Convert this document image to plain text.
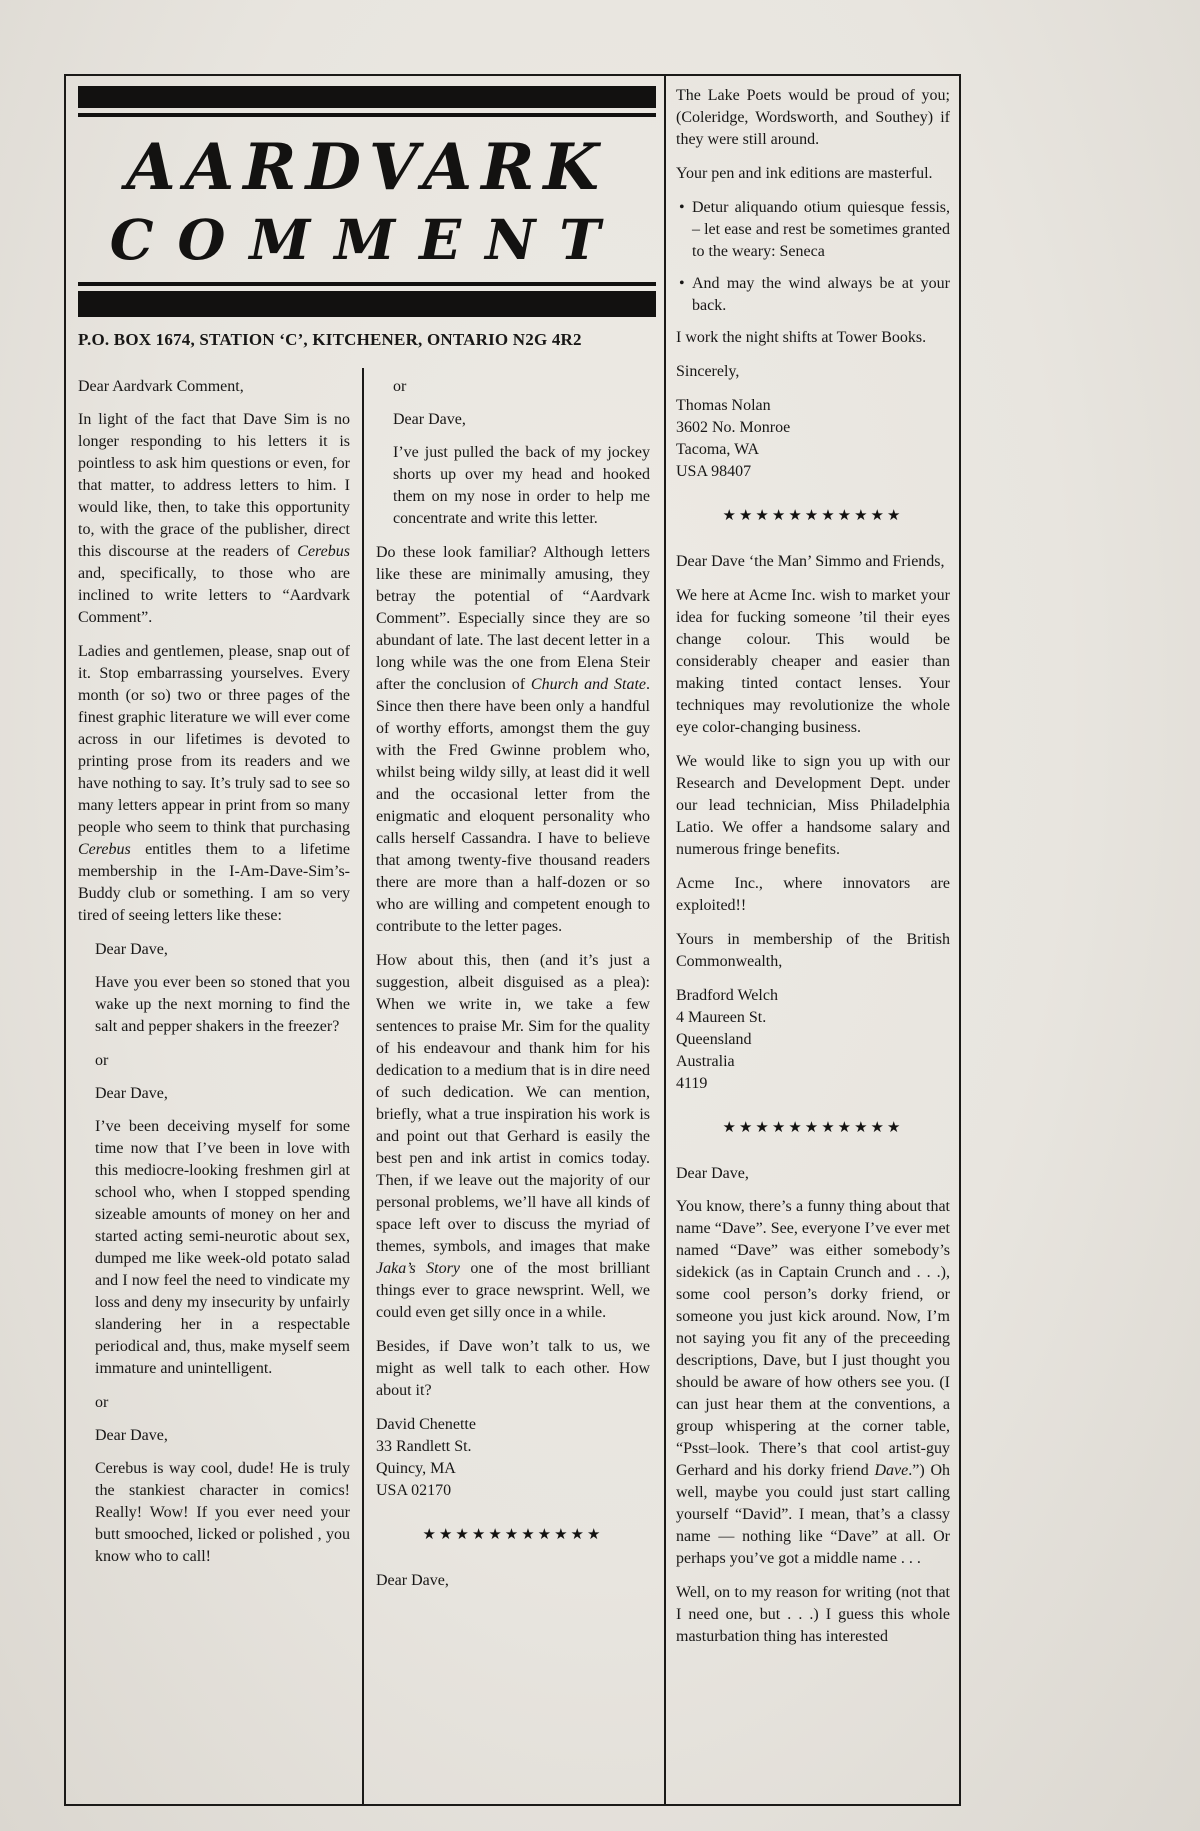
AARDVARK
COMMENT
P.O. BOX 1674, STATION ‘C’, KITCHENER, ONTARIO N2G 4R2

Dear Aardvark Comment,

In light of the fact that Dave Sim is no longer responding to his letters it is pointless to ask him questions or even, for that matter, to address letters to him. I would like, then, to take this opportunity to, with the grace of the publisher, direct this discourse at the readers of Cerebus and, specifically, to those who are inclined to write letters to “Aardvark Comment”.

Ladies and gentlemen, please, snap out of it. Stop embarrassing yourselves. Every month (or so) two or three pages of the finest graphic literature we will ever come across in our lifetimes is devoted to printing prose from its readers and we have nothing to say. It’s truly sad to see so many letters appear in print from so many people who seem to think that purchasing Cerebus entitles them to a lifetime membership in the I-Am-Dave-Sim’s-Buddy club or something. I am so very tired of seeing letters like these:

Dear Dave,

Have you ever been so stoned that you wake up the next morning to find the salt and pepper shakers in the freezer?

or

Dear Dave,

I’ve been deceiving myself for some time now that I’ve been in love with this mediocre-looking freshmen girl at school who, when I stopped spending sizeable amounts of money on her and started acting semi-neurotic about sex, dumped me like week-old potato salad and I now feel the need to vindicate my loss and deny my insecurity by unfairly slandering her in a respectable periodical and, thus, make myself seem immature and unintelligent.

or

Dear Dave,

Cerebus is way cool, dude! He is truly the stankiest character in comics! Really! Wow! If you ever need your butt smooched, licked or polished , you know who to call!

or

Dear Dave,

I’ve just pulled the back of my jockey shorts up over my head and hooked them on my nose in order to help me concentrate and write this letter.

Do these look familiar? Although letters like these are minimally amusing, they betray the potential of “Aardvark Comment”. Especially since they are so abundant of late. The last decent letter in a long while was the one from Elena Steir after the conclusion of Church and State. Since then there have been only a handful of worthy efforts, amongst them the guy with the Fred Gwinne problem who, whilst being wildy silly, at least did it well and the occasional letter from the enigmatic and eloquent personality who calls herself Cassandra. I have to believe that among twenty-five thousand readers there are more than a half-dozen or so who are willing and competent enough to contribute to the letter pages.

How about this, then (and it’s just a suggestion, albeit disguised as a plea): When we write in, we take a few sentences to praise Mr. Sim for the quality of his endeavour and thank him for his dedication to a medium that is in dire need of such dedication. We can mention, briefly, what a true inspiration his work is and point out that Gerhard is easily the best pen and ink artist in comics today. Then, if we leave out the majority of our personal problems, we’ll have all kinds of space left over to discuss the myriad of themes, symbols, and images that make Jaka’s Story one of the most brilliant things ever to grace newsprint. Well, we could even get silly once in a while.

Besides, if Dave won’t talk to us, we might as well talk to each other. How about it?

David Chenette
33 Randlett St.
Quincy, MA
USA 02170
★★★★★★★★★★★

Dear Dave,

The Lake Poets would be proud of you; (Coleridge, Wordsworth, and Southey) if they were still around.

Your pen and ink editions are masterful.

• Detur aliquando otium quiesque fessis, – let ease and rest be sometimes granted to the weary: Seneca

• And may the wind always be at your back.

I work the night shifts at Tower Books.

Sincerely,

Thomas Nolan
3602 No. Monroe
Tacoma, WA
USA 98407
★★★★★★★★★★★

Dear Dave ‘the Man’ Simmo and Friends,

We here at Acme Inc. wish to market your idea for fucking someone ’til their eyes change colour. This would be considerably cheaper and easier than making tinted contact lenses. Your techniques may revolutionize the whole eye color-changing business.

We would like to sign you up with our Research and Development Dept. under our lead technician, Miss Philadelphia Latio. We offer a handsome salary and numerous fringe benefits.

Acme Inc., where innovators are exploited!!

Yours in membership of the British Commonwealth,

Bradford Welch
4 Maureen St.
Queensland
Australia
4119
★★★★★★★★★★★

Dear Dave,

You know, there’s a funny thing about that name “Dave”. See, everyone I’ve ever met named “Dave” was either somebody’s sidekick (as in Captain Crunch and . . .), some cool person’s dorky friend, or someone you just kick around. Now, I’m not saying you fit any of the preceeding descriptions, Dave, but I just thought you should be aware of how others see you. (I can just hear them at the conventions, a group whispering at the corner table, “Psst–look. There’s that cool artist-guy Gerhard and his dorky friend Dave.”) Oh well, maybe you could just start calling yourself “David”. I mean, that’s a classy name — nothing like “Dave” at all. Or perhaps you’ve got a middle name . . .

Well, on to my reason for writing (not that I need one, but . . .) I guess this whole masturbation thing has interested
